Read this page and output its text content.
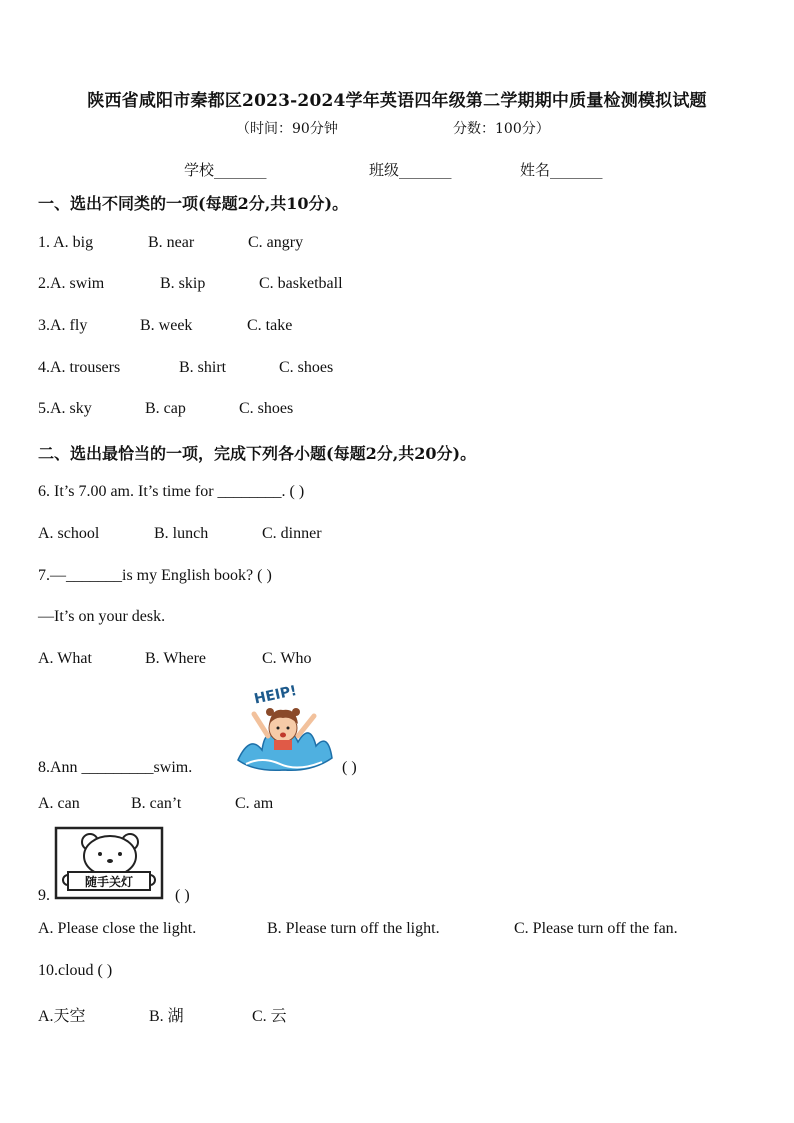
陕西省咸阳市秦都区2023-2024学年英语四年级第二学期期中质量检测模拟试题
（时间：90分钟	分数：100分）
学校_______	班级_______	姓名_______
一、选出不同类的一项(每题2分,共10分)。
1. A. big	B. near	C. angry
2.A. swim	B. skip	C. basketball
3.A. fly	B. week	C. take
4.A. trousers	B. shirt	C. shoes
5.A. sky	B. cap	C. shoes
二、选出最恰当的一项，完成下列各小题(每题2分,共20分)。
6. It’s 7.00 am. It’s time for ________. ( )
A. school	B. lunch	C. dinner
7.—_______is my English book? ( )
—It’s on your desk.
A. What	B. Where	C. Who
HEIP!
8.Ann _________swim.	( )
A. can	B. can’t	C. am
9.
随手关灯
( )
A. Please close the light.	B. Please turn off the light.	C. Please turn off the fan.
10.cloud ( )
A.天空	B. 湖	C. 云
